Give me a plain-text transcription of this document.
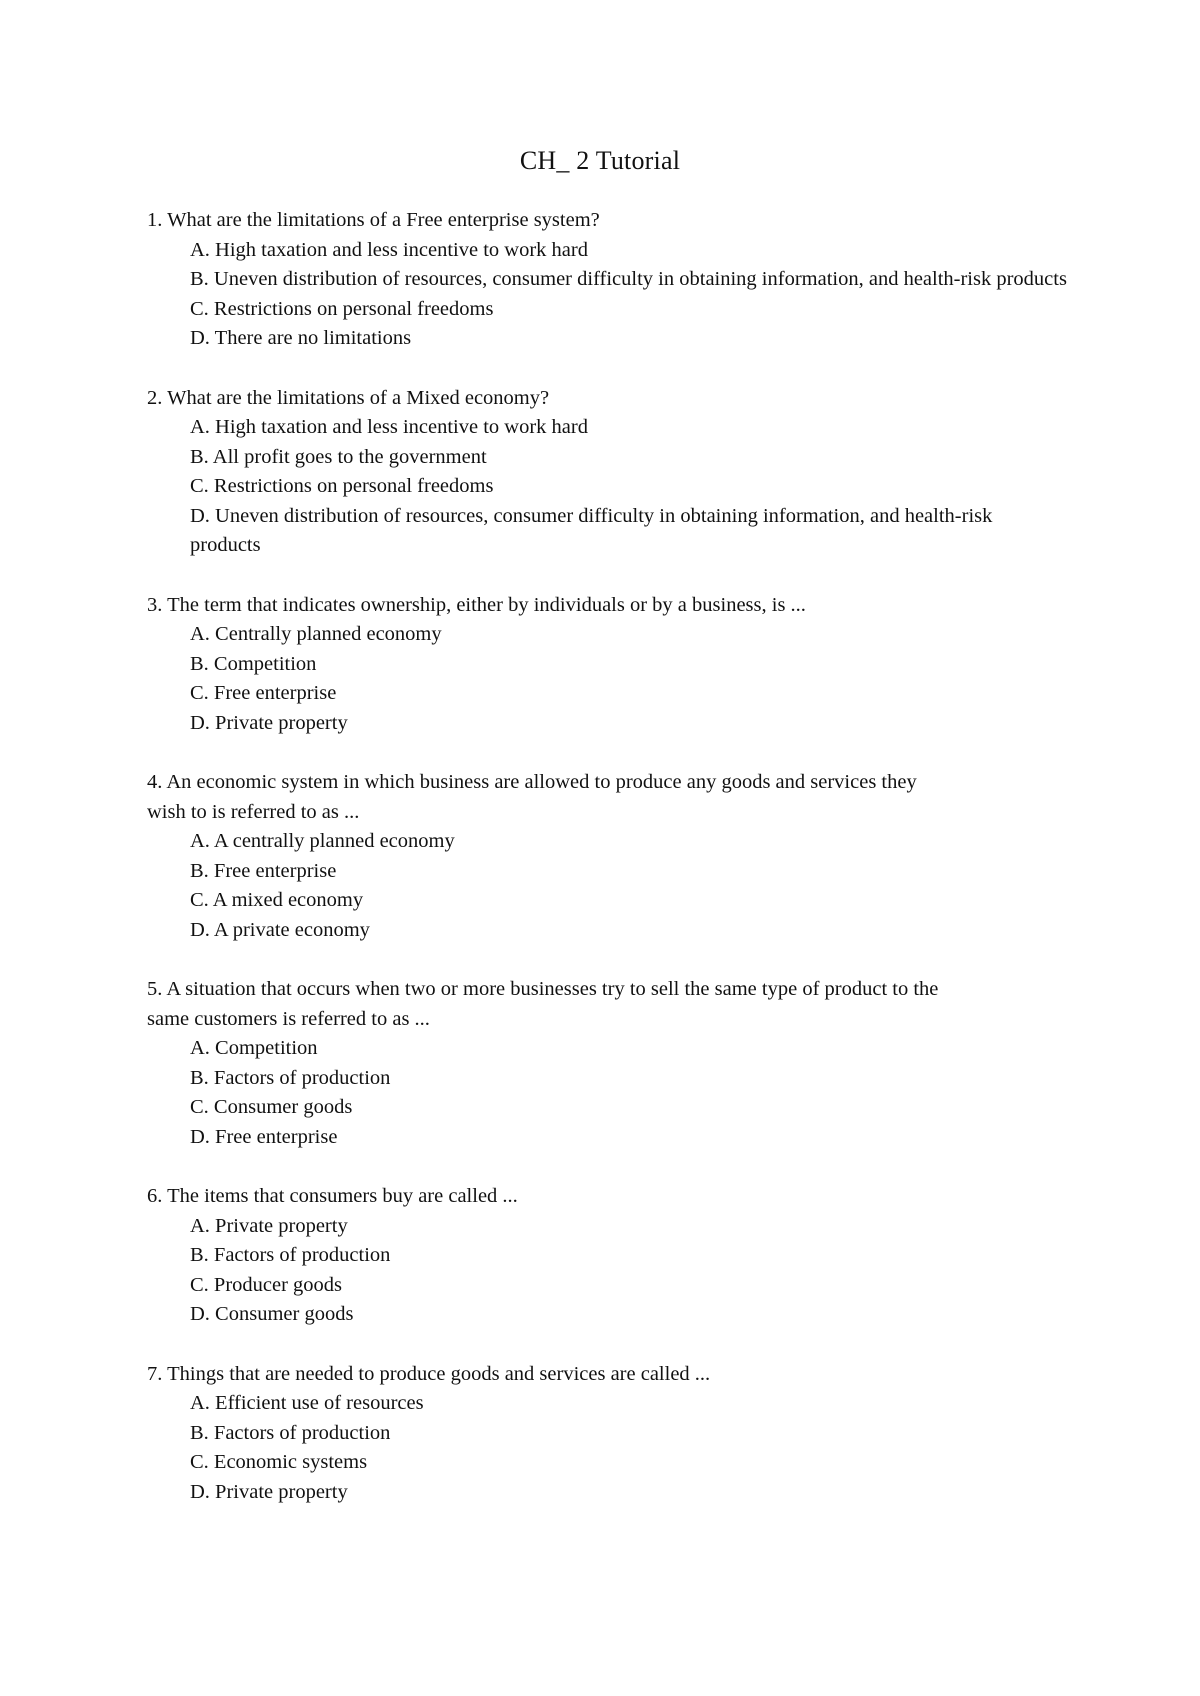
CH_ 2 Tutorial

1. What are the limitations of a Free enterprise system?

A. High taxation and less incentive to work hard
B. Uneven distribution of resources, consumer difficulty in obtaining information, and health-risk products
C. Restrictions on personal freedoms
D. There are no limitations

2. What are the limitations of a Mixed economy?

A. High taxation and less incentive to work hard
B. All profit goes to the government
C. Restrictions on personal freedoms
D. Uneven distribution of resources, consumer difficulty in obtaining information, and health-risk products

3. The term that indicates ownership, either by individuals or by a business, is ...

A. Centrally planned economy
B. Competition
C. Free enterprise
D. Private property

4. An economic system in which business are allowed to produce any goods and services they wish to is referred to as ...

A. A centrally planned economy
B. Free enterprise
C. A mixed economy
D. A private economy

5. A situation that occurs when two or more businesses try to sell the same type of product to the same customers is referred to as ...

A. Competition
B. Factors of production
C. Consumer goods
D. Free enterprise

6. The items that consumers buy are called ...

A. Private property
B. Factors of production
C. Producer goods
D. Consumer goods

7. Things that are needed to produce goods and services are called ...

A. Efficient use of resources
B. Factors of production
C. Economic systems
D. Private property
